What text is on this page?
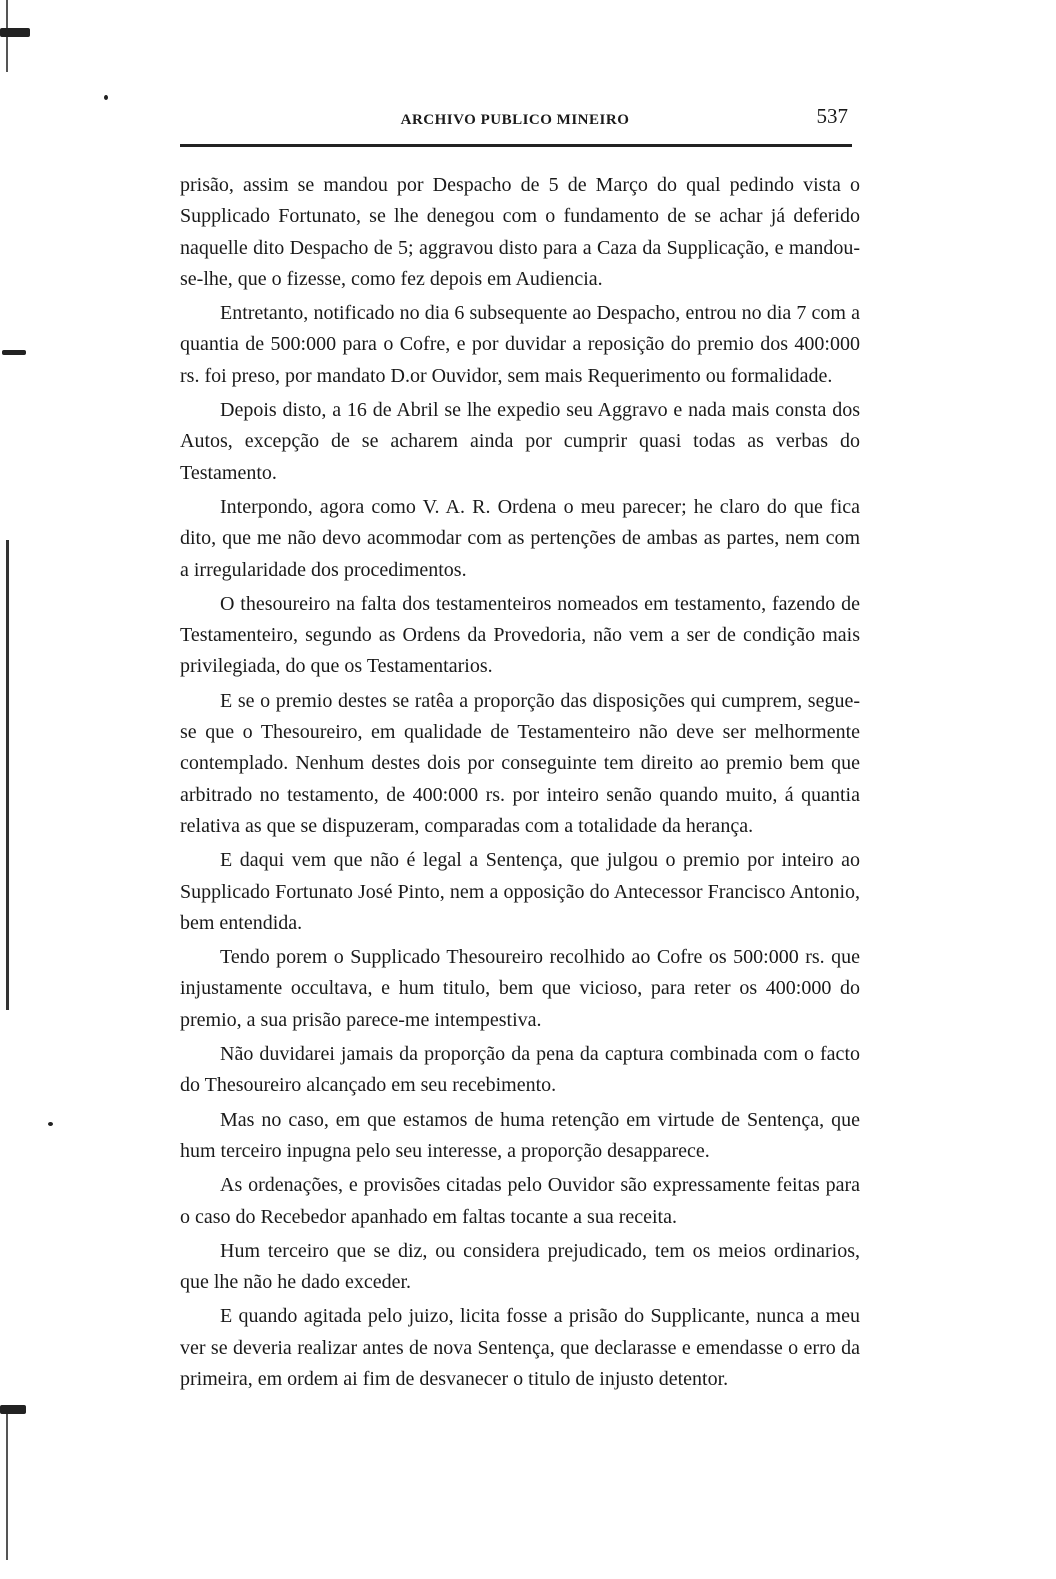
ARCHIVO PUBLICO MINEIRO	537

prisão, assim se mandou por Despacho de 5 de Março do qual pedindo vista o Supplicado Fortunato, se lhe denegou com o fundamento de se achar já deferido naquelle dito Despacho de 5; aggravou disto para a Caza da Supplicação, e mandou-se-lhe, que o fizesse, como fez depois em Audiencia.

Entretanto, notificado no dia 6 subsequente ao Despacho, entrou no dia 7 com a quantia de 500:000 para o Cofre, e por duvidar a reposição do premio dos 400:000 rs. foi preso, por mandato D.or Ouvidor, sem mais Requerimento ou formalidade.

Depois disto, a 16 de Abril se lhe expedio seu Aggravo e nada mais consta dos Autos, excepção de se acharem ainda por cumprir quasi todas as verbas do Testamento.

Interpondo, agora como V. A. R. Ordena o meu parecer; he claro do que fica dito, que me não devo acommodar com as pertenções de ambas as partes, nem com a irregularidade dos procedimentos.

O thesoureiro na falta dos testamenteiros nomeados em testamento, fazendo de Testamenteiro, segundo as Ordens da Provedoria, não vem a ser de condição mais privilegiada, do que os Testamentarios.

E se o premio destes se ratêa a proporção das disposições qui cumprem, segue-se que o Thesoureiro, em qualidade de Testamenteiro não deve ser melhormente contemplado. Nenhum destes dois por conseguinte tem direito ao premio bem que arbitrado no testamento, de 400:000 rs. por inteiro senão quando muito, á quantia relativa as que se dispuzeram, comparadas com a totalidade da herança.

E daqui vem que não é legal a Sentença, que julgou o premio por inteiro ao Supplicado Fortunato José Pinto, nem a opposição do Antecessor Francisco Antonio, bem entendida.

Tendo porem o Supplicado Thesoureiro recolhido ao Cofre os 500:000 rs. que injustamente occultava, e hum titulo, bem que vicioso, para reter os 400:000 do premio, a sua prisão parece-me intempestiva.

Não duvidarei jamais da proporção da pena da captura combinada com o facto do Thesoureiro alcançado em seu recebimento.

Mas no caso, em que estamos de huma retenção em virtude de Sentença, que hum terceiro inpugna pelo seu interesse, a proporção desapparece.

As ordenações, e provisões citadas pelo Ouvidor são expressamente feitas para o caso do Recebedor apanhado em faltas tocante a sua receita.

Hum terceiro que se diz, ou considera prejudicado, tem os meios ordinarios, que lhe não he dado exceder.

E quando agitada pelo juizo, licita fosse a prisão do Supplicante, nunca a meu ver se deveria realizar antes de nova Sentença, que declarasse e emendasse o erro da primeira, em ordem ai fim de desvanecer o titulo de injusto detentor.
